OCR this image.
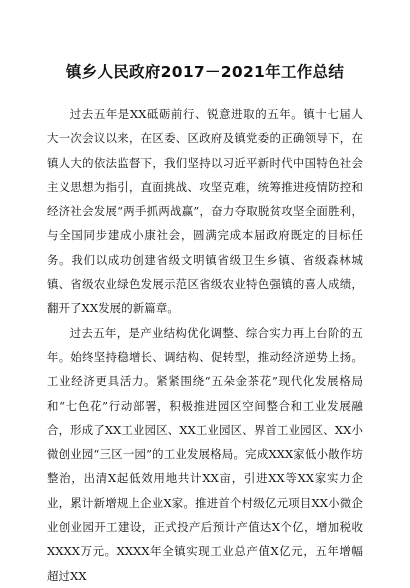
镇乡人民政府2017－2021年工作总结

过去五年是XX砥砺前行、锐意进取的五年。镇十七届人大一次会议以来，在区委、区政府及镇党委的正确领导下，在镇人大的依法监督下，我们坚持以习近平新时代中国特色社会主义思想为指引，直面挑战、攻坚克难，统筹推进疫情防控和经济社会发展“两手抓两战赢”，奋力夺取脱贫攻坚全面胜利，与全国同步建成小康社会，圆满完成本届政府既定的目标任务。我们以成功创建省级文明镇省级卫生乡镇、省级森林城镇、省级农业绿色发展示范区省级农业特色强镇的喜人成绩，翻开了XX发展的新篇章。

过去五年，是产业结构优化调整、综合实力再上台阶的五年。始终坚持稳增长、调结构、促转型，推动经济逆势上扬。工业经济更具活力。紧紧围绕“五朵金茶花”现代化发展格局和“七色花”行动部署，积极推进园区空间整合和工业发展融合，形成了XX工业园区、XX工业园区、界首工业园区、XX小微创业园“三区一园”的工业发展格局。完成XXX家低小散作坊整治，出清X起低效用地共计XX亩，引进XX等XX家实力企业，累计新增规上企业X家。推进首个村级亿元项目XX小微企业创业园开工建设，正式投产后预计产值达X个亿，增加税收XXXX万元。XXXX年全镇实现工业总产值X亿元，五年增幅超过XX
